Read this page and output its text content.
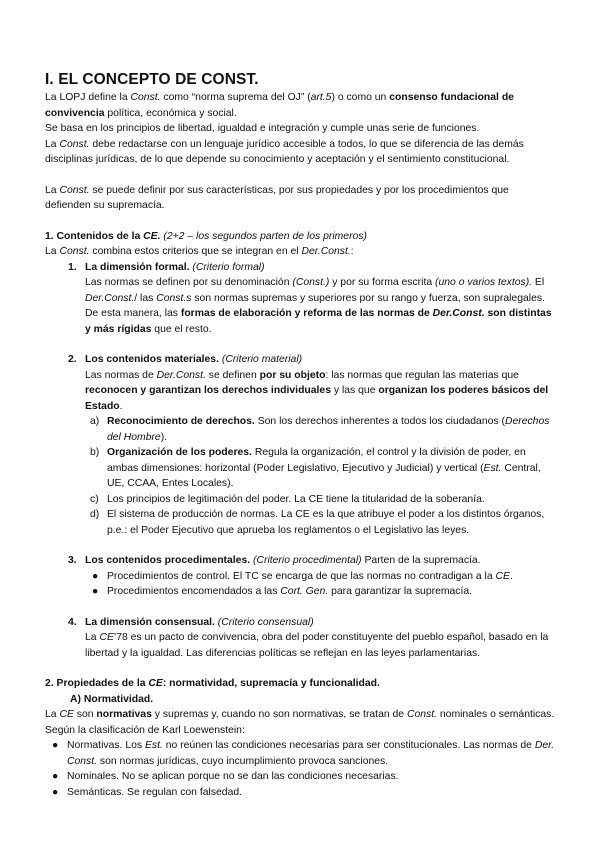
I. EL CONCEPTO DE CONST.

La LOPJ define la Const. como “norma suprema del OJ” (art.5) o como un consenso fundacional de convivencia política, económica y social.

Se basa en los principios de libertad, igualdad e integración y cumple unas serie de funciones.

La Const. debe redactarse con un lenguaje jurídico accesible a todos, lo que se diferencia de las demás disciplinas jurídicas, de lo que depende su conocimiento y aceptación y el sentimiento constitucional.

La Const. se puede definir por sus características, por sus propiedades y por los procedimientos que defienden su supremacía.

1. Contenidos de la CE. (2+2 – los segundos parten de los primeros)

La Const. combina estos criterios que se integran en el Der.Const.:

1. La dimensión formal. (Criterio formal)

Las normas se definen por su denominación (Const.) y por su forma escrita (uno o varios textos). El Der.Const./ las Const.s son normas supremas y superiores por su rango y fuerza, son supralegales. De esta manera, las formas de elaboración y reforma de las normas de Der.Const. son distintas y más rígidas que el resto.

2. Los contenidos materiales. (Criterio material)

Las normas de Der.Const. se definen por su objeto: las normas que regulan las materias que reconocen y garantizan los derechos individuales y las que organizan los poderes básicos del Estado.

a) Reconocimiento de derechos. Son los derechos inherentes a todos los ciudadanos (Derechos del Hombre).

b) Organización de los poderes. Regula la organización, el control y la división de poder, en ambas dimensiones: horizontal (Poder Legislativo, Ejecutivo y Judicial) y vertical (Est. Central, UE, CCAA, Entes Locales).

c) Los principios de legitimación del poder. La CE tiene la titularidad de la soberanía.

d) El sistema de producción de normas. La CE es la que atribuye el poder a los distintos órganos, p.e.: el Poder Ejecutivo que aprueba los reglamentos o el Legislativo las leyes.

3. Los contenidos procedimentales. (Criterio procedimental) Parten de la supremacía.

● Procedimientos de control. El TC se encarga de que las normas no contradigan a la CE.

● Procedimientos encomendados a las Cort. Gen. para garantizar la supremacía.

4. La dimensión consensual. (Criterio consensual)

La CE’78 es un pacto de convivencia, obra del poder constituyente del pueblo español, basado en la libertad y la igualdad. Las diferencias políticas se reflejan en las leyes parlamentarias.

2. Propiedades de la CE: normatividad, supremacía y funcionalidad.

A) Normatividad.

La CE son normativas y supremas y, cuando no son normativas, se tratan de Const. nominales o semánticas. Según la clasificación de Karl Loewenstein:

● Normativas. Los Est. no reúnen las condiciones necesarias para ser constitucionales. Las normas de Der. Const. son normas jurídicas, cuyo incumplimiento provoca sanciones.

● Nominales. No se aplican porque no se dan las condiciones necesarias.

● Semánticas. Se regulan con falsedad.
